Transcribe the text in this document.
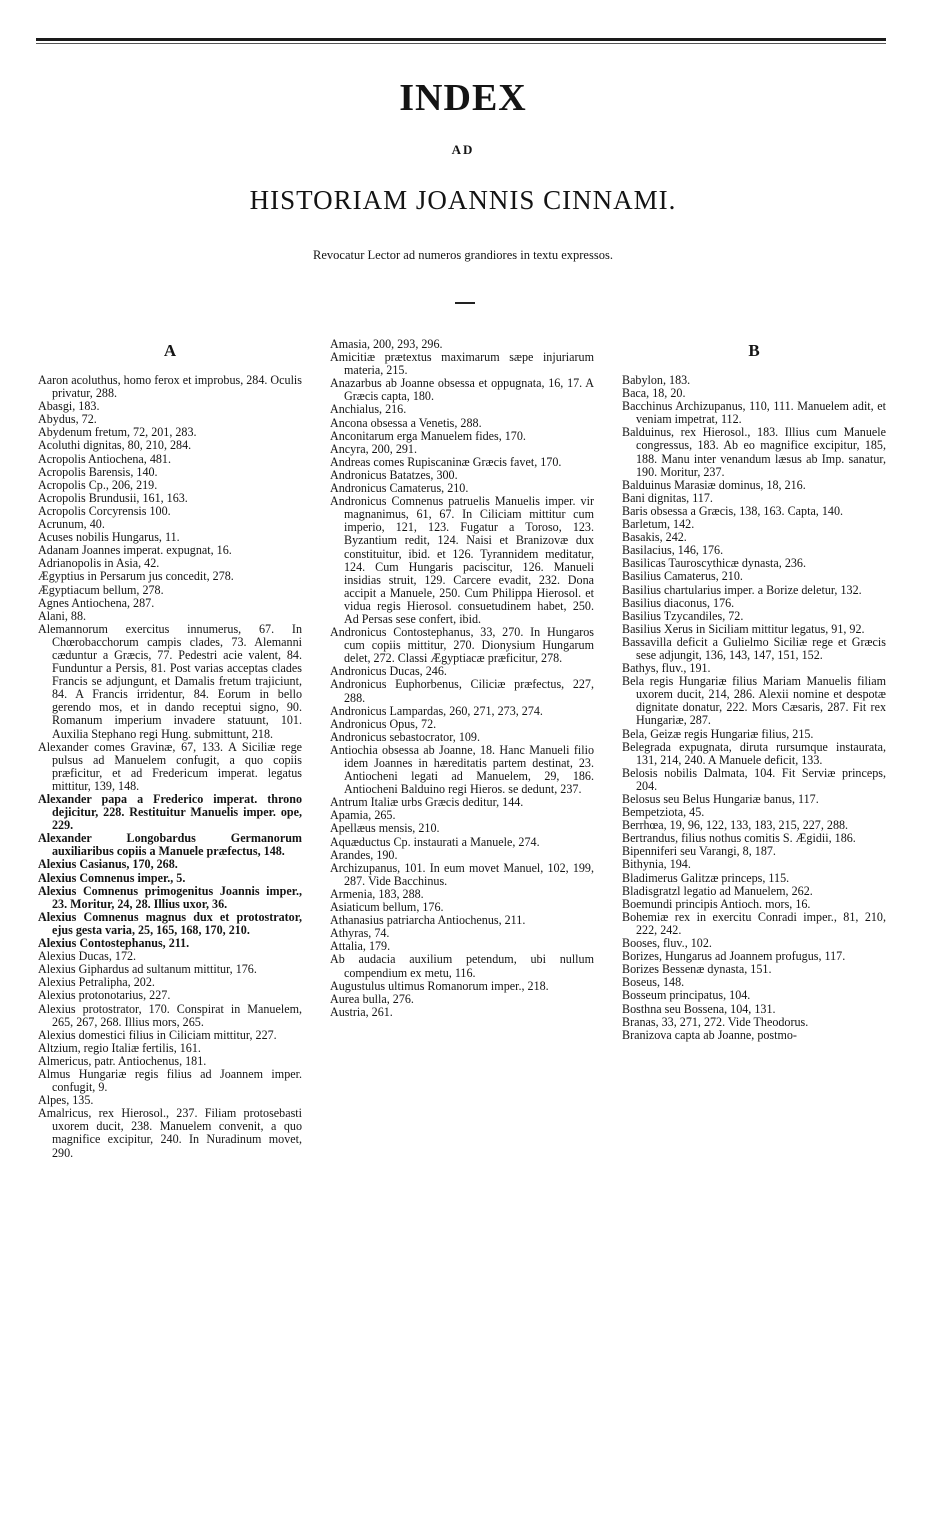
INDEX
AD
HISTORIAM JOANNIS CINNAMI.
Revocatur Lector ad numeros grandiores in textu expressos.
A
Aaron acoluthus, homo ferox et improbus, 284. Oculis privatur, 288.
Abasgi, 183.
Abydus, 72.
Abydenum fretum, 72, 201, 283.
Acoluthi dignitas, 80, 210, 284.
Acropolis Antiochena, 481.
Acropolis Barensis, 140.
Acropolis Cp., 206, 219.
Acropolis Brundusii, 161, 163.
Acropolis Corcyrensis 100.
Acrunum, 40.
Acuses nobilis Hungarus, 11.
Adanam Joannes imperat. expugnat, 16.
Adrianopolis in Asia, 42.
Ægyptius in Persarum jus concedit, 278.
Ægyptiacum bellum, 278.
Agnes Antiochena, 287.
Alani, 88.
Alemannorum exercitus innumerus, 67. In Chœrobacchorum campis clades, 73. Alemanni cæduntur a Græcis, 77. Pedestri acie valent, 84. Funduntur a Persis, 81. Post varias acceptas clades Francis se adjungunt, et Damalis fretum trajiciunt, 84. A Francis irridentur, 84. Eorum in bello gerendo mos, et in dando receptui signo, 90. Romanum imperium invadere statuunt, 101. Auxilia Stephano regi Hung. submittunt, 218.
Alexander comes Gravinæ, 67, 133. A Siciliæ rege pulsus ad Manuelem confugit, a quo copiis præficitur, et ad Fredericum imperat. legatus mittitur, 139, 148.
Alexander papa a Frederico imperat. throno dejicitur, 228. Restituitur Manuelis imper. ope, 229.
Alexander Longobardus Germanorum auxiliaribus copiis a Manuele præfectus, 148.
Alexius Casianus, 170, 268.
Alexius Comnenus imper., 5.
Alexius Comnenus primogenitus Joannis imper., 23. Moritur, 24, 28. Illius uxor, 36.
Alexius Comnenus magnus dux et protostrator, ejus gesta varia, 25, 165, 168, 170, 210.
Alexius Contostephanus, 211.
Alexius Ducas, 172.
Alexius Giphardus ad sultanum mittitur, 176.
Alexius Petralipha, 202.
Alexius protonotarius, 227.
Alexius protostrator, 170. Conspirat in Manuelem, 265, 267, 268. Illius mors, 265.
Alexius domestici filius in Ciliciam mittitur, 227.
Altzium, regio Italiæ fertilis, 161.
Almericus, patr. Antiochenus, 181.
Almus Hungariæ regis filius ad Joannem imper. confugit, 9.
Alpes, 135.
Amalricus, rex Hierosol., 237. Filiam protosebasti uxorem ducit, 238. Manuelem convenit, a quo magnifice excipitur, 240. In Nuradinum movet, 290.
Amasia, 200, 293, 296.
Amicitiæ prætextus maximarum sæpe injuriarum materia, 215.
Anazarbus ab Joanne obsessa et oppugnata, 16, 17. A Græcis capta, 180.
Anchialus, 216.
Ancona obsessa a Venetis, 288.
Anconitarum erga Manuelem fides, 170.
Ancyra, 200, 291.
Andreas comes Rupiscaninæ Græcis favet, 170.
Andronicus Batatzes, 300.
Andronicus Camaterus, 210.
Andronicus Comnenus patruelis Manuelis imper. vir magnanimus, 61, 67. In Ciliciam mittitur cum imperio, 121, 123. Fugatur a Toroso, 123. Byzantium redit, 124. Naisi et Branizovæ dux constituitur, ibid. et 126. Tyrannidem meditatur, 124. Cum Hungaris paciscitur, 126. Manueli insidias struit, 129. Carcere evadit, 232. Dona accipit a Manuele, 250. Cum Philippa Hierosol. et vidua regis Hierosol. consuetudinem habet, 250. Ad Persas sese confert, ibid.
Andronicus Contostephanus, 33, 270. In Hungaros cum copiis mittitur, 270. Dionysium Hungarum delet, 272. Classi Ægyptiacæ præficitur, 278.
Andronicus Ducas, 246.
Andronicus Euphorbenus, Ciliciæ præfectus, 227, 288.
Andronicus Lampardas, 260, 271, 273, 274.
Andronicus Opus, 72.
Andronicus sebastocrator, 109.
Antiochia obsessa ab Joanne, 18. Hanc Manueli filio idem Joannes in hæreditatis partem destinat, 23. Antiocheni legati ad Manuelem, 29, 186. Antiocheni Balduino regi Hieros. se dedunt, 237.
Antrum Italiæ urbs Græcis deditur, 144.
Apamia, 265.
Apellæus mensis, 210.
Aquæductus Cp. instaurati a Manuele, 274.
Arandes, 190.
Archizupanus, 101. In eum movet Manuel, 102, 199, 287. Vide Bacchinus.
Armenia, 183, 288.
Asiaticum bellum, 176.
Athanasius patriarcha Antiochenus, 211.
Athyras, 74.
Attalia, 179.
Ab audacia auxilium petendum, ubi nullum compendium ex metu, 116.
Augustulus ultimus Romanorum imper., 218.
Aurea bulla, 276.
Austria, 261.
B
Babylon, 183.
Baca, 18, 20.
Bacchinus Archizupanus, 110, 111. Manuelem adit, et veniam impetrat, 112.
Balduinus, rex Hierosol., 183. Illius cum Manuele congressus, 183. Ab eo magnifice excipitur, 185, 188. Manu inter venandum læsus ab Imp. sanatur, 190. Moritur, 237.
Balduinus Marasiæ dominus, 18, 216.
Bani dignitas, 117.
Baris obsessa a Græcis, 138, 163. Capta, 140.
Barletum, 142.
Basakis, 242.
Basilacius, 146, 176.
Basilicas Tauroscythicæ dynasta, 236.
Basilius Camaterus, 210.
Basilius chartularius imper. a Borize deletur, 132.
Basilius diaconus, 176.
Basilius Tzycandiles, 72.
Basilius Xerus in Siciliam mittitur legatus, 91, 92.
Bassavilla deficit a Gulielmo Siciliæ rege et Græcis sese adjungit, 136, 143, 147, 151, 152.
Bathys, fluv., 191.
Bela regis Hungariæ filius Mariam Manuelis filiam uxorem ducit, 214, 286. Alexii nomine et despotæ dignitate donatur, 222. Mors Cæsaris, 287. Fit rex Hungariæ, 287.
Bela, Geizæ regis Hungariæ filius, 215.
Belegrada expugnata, diruta rursumque instaurata, 131, 214, 240. A Manuele deficit, 133.
Belosis nobilis Dalmata, 104. Fit Serviæ princeps, 204.
Belosus seu Belus Hungariæ banus, 117.
Bempetziota, 45.
Berrhœa, 19, 96, 122, 133, 183, 215, 227, 288.
Bertrandus, filius nothus comitis S. Ægidii, 186.
Bipenniferi seu Varangi, 8, 187.
Bithynia, 194.
Bladimerus Galitzæ princeps, 115.
Bladisgratzl legatio ad Manuelem, 262.
Boemundi principis Antioch. mors, 16.
Bohemiæ rex in exercitu Conradi imper., 81, 210, 222, 242.
Booses, fluv., 102.
Borizes, Hungarus ad Joannem profugus, 117.
Borizes Bessenæ dynasta, 151.
Boseus, 148.
Bosseum principatus, 104.
Bosthna seu Bossena, 104, 131.
Branas, 33, 271, 272. Vide Theodorus.
Branizova capta ab Joanne, postmo-
